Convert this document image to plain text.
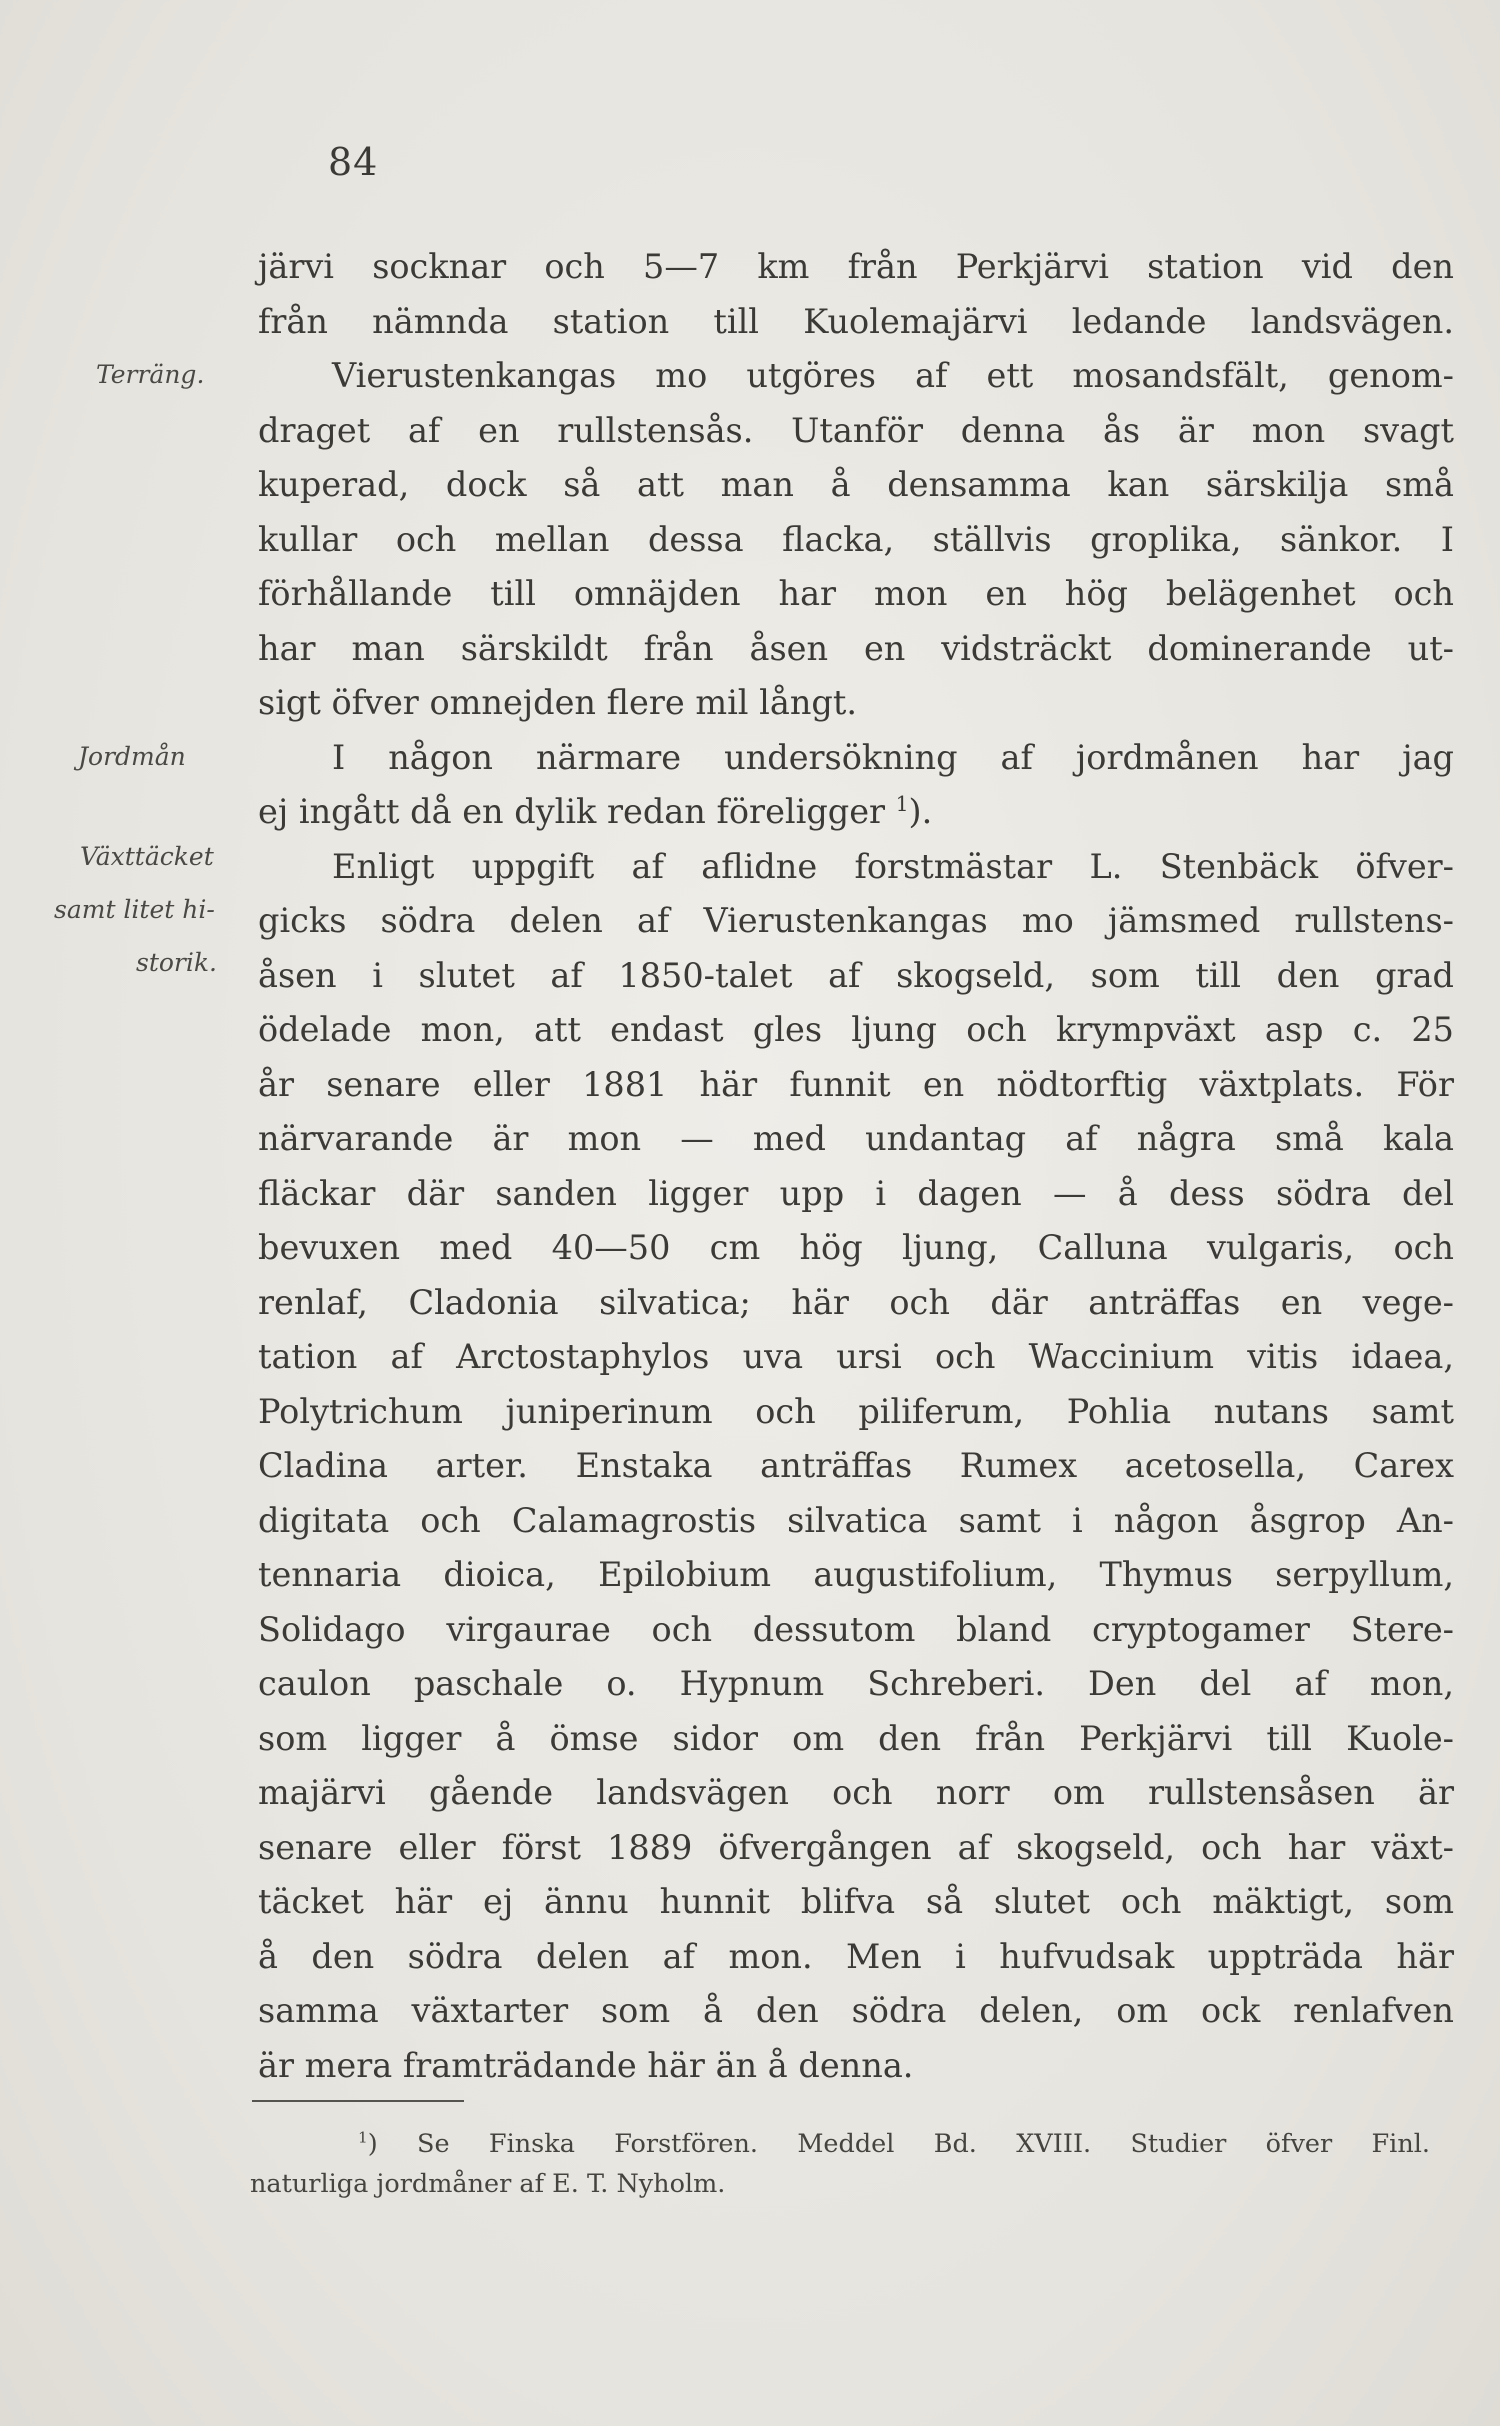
84
Terräng.
Jordmån
Växttäcket
samt litet hi-
storik.
järvi socknar och 5—7 km från Perkjärvi station vid den
från nämnda station till Kuolemajärvi ledande landsvägen.
Vierustenkangas mo utgöres af ett mosandsfält, genom-
draget af en rullstensås. Utanför denna ås är mon svagt
kuperad, dock så att man å densamma kan särskilja små
kullar och mellan dessa flacka, ställvis groplika, sänkor. I
förhållande till omnäjden har mon en hög belägenhet och
har man särskildt från åsen en vidsträckt dominerande ut-
sigt öfver omnejden flere mil långt.
I någon närmare undersökning af jordmånen har jag
ej ingått då en dylik redan föreligger $^1$).
Enligt uppgift af aflidne forstmästar L. Stenbäck öfver-
gicks södra delen af Vierustenkangas mo jämsmed rullstens-
åsen i slutet af 1850-talet af skogseld, som till den grad
ödelade mon, att endast gles ljung och krympväxt asp c. 25
år senare eller 1881 här funnit en nödtorftig växtplats. För
närvarande är mon — med undantag af några små kala
fläckar där sanden ligger upp i dagen — å dess södra del
bevuxen med 40—50 cm hög ljung, Calluna vulgaris, och
renlaf, Cladonia silvatica; här och där anträffas en vege-
tation af Arctostaphylos uva ursi och Waccinium vitis idaea,
Polytrichum juniperinum och piliferum, Pohlia nutans samt
Cladina arter. Enstaka anträffas Rumex acetosella, Carex
digitata och Calamagrostis silvatica samt i någon åsgrop An-
tennaria dioica, Epilobium augustifolium, Thymus serpyllum,
Solidago virgaurae och dessutom bland cryptogamer Stere-
caulon paschale o. Hypnum Schreberi. Den del af mon,
som ligger å ömse sidor om den från Perkjärvi till Kuole-
majärvi gående landsvägen och norr om rullstensåsen är
senare eller först 1889 öfvergången af skogseld, och har växt-
täcket här ej ännu hunnit blifva så slutet och mäktigt, som
å den södra delen af mon. Men i hufvudsak uppträda här
samma växtarter som å den södra delen, om ock renlafven
är mera framträdande här än å denna.
$^1$) Se Finska Forstfören. Meddel Bd. XVIII. Studier öfver Finl.
naturliga jordmåner af E. T. Nyholm.
